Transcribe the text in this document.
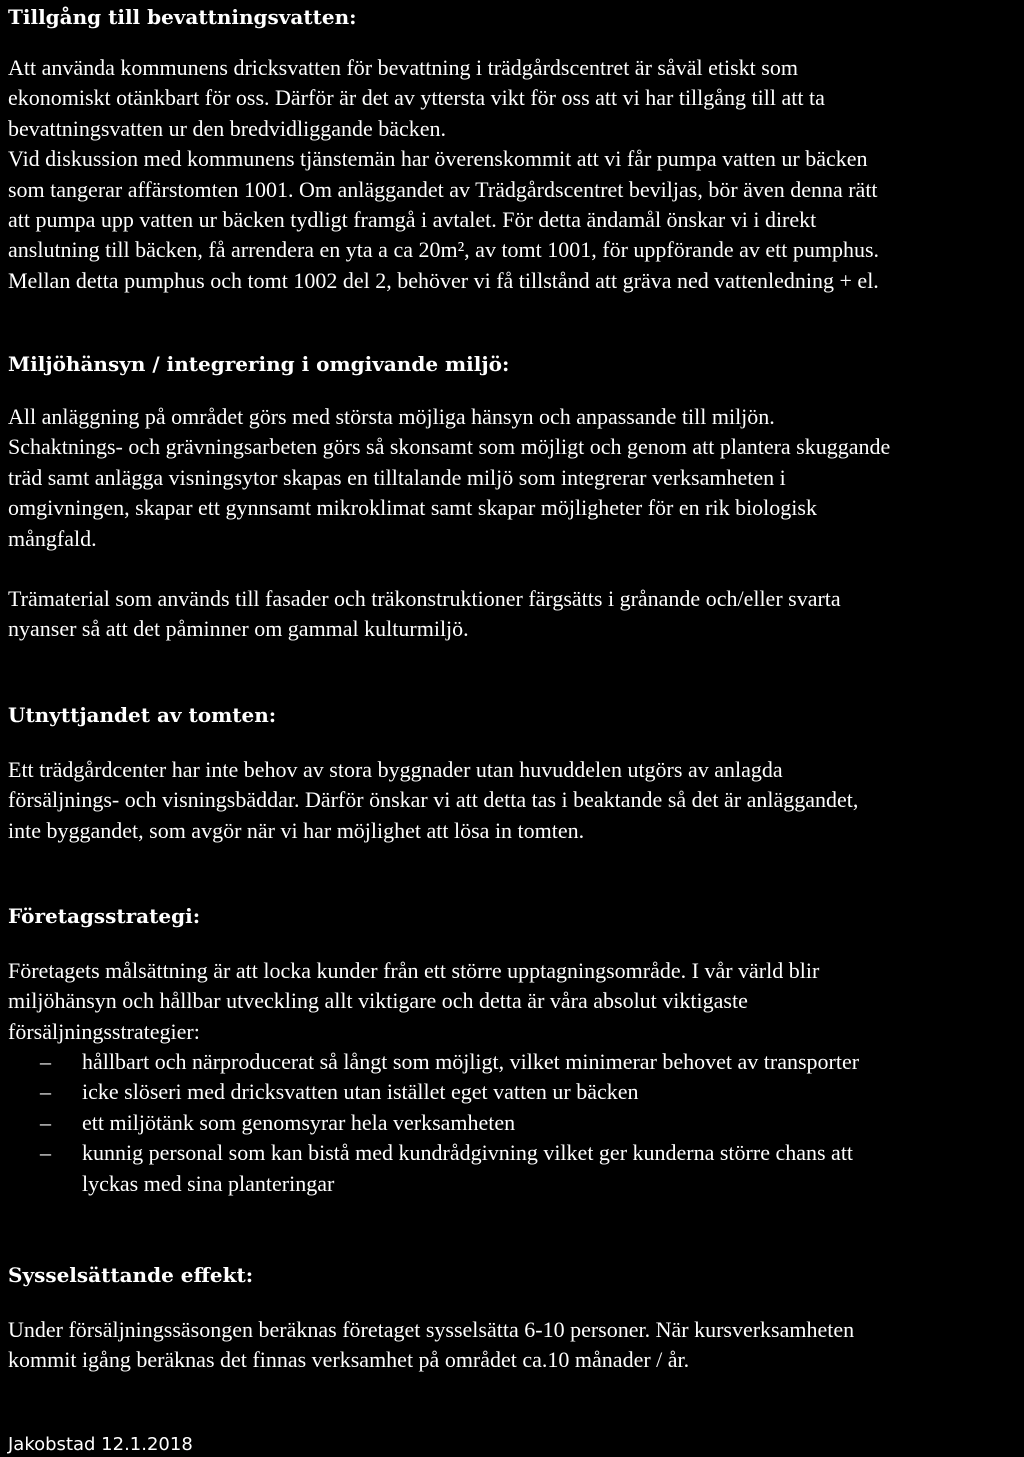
Tillgång till bevattningsvatten:

Att använda kommunens dricksvatten för bevattning i trädgårdscentret är såväl etiskt som
ekonomiskt otänkbart för oss. Därför är det av yttersta vikt för oss att vi har tillgång till att ta
bevattningsvatten ur den bredvidliggande bäcken.
Vid diskussion med kommunens tjänstemän har överenskommit att vi får pumpa vatten ur bäcken
som tangerar affärstomten 1001. Om anläggandet av Trädgårdscentret beviljas, bör även denna rätt
att pumpa upp vatten ur bäcken tydligt framgå i avtalet. För detta ändamål önskar vi i direkt
anslutning till bäcken, få arrendera en yta a ca 20m², av tomt 1001, för uppförande av ett pumphus.
Mellan detta pumphus och tomt 1002 del 2, behöver vi få tillstånd att gräva ned vattenledning + el.

Miljöhänsyn / integrering i omgivande miljö:

All anläggning på området görs med största möjliga hänsyn och anpassande till miljön.
Schaktnings- och grävningsarbeten görs så skonsamt som möjligt och genom att plantera skuggande
träd samt anlägga visningsytor skapas en tilltalande miljö som integrerar verksamheten i
omgivningen, skapar ett gynnsamt mikroklimat samt skapar möjligheter för en rik biologisk
mångfald.

Trämaterial som används till fasader och träkonstruktioner färgsätts i grånande och/eller svarta
nyanser så att det påminner om gammal kulturmiljö.

Utnyttjandet av tomten:

Ett trädgårdcenter har inte behov av stora byggnader utan huvuddelen utgörs av anlagda
försäljnings- och visningsbäddar. Därför önskar vi att detta tas i beaktande så det är anläggandet,
inte byggandet, som avgör när vi har möjlighet att lösa in tomten.

Företagsstrategi:

Företagets målsättning är att locka kunder från ett större upptagningsområde. I vår värld blir
miljöhänsyn och hållbar utveckling allt viktigare och detta är våra absolut viktigaste
försäljningsstrategier:

– hållbart och närproducerat så långt som möjligt, vilket minimerar behovet av transporter
– icke slöseri med dricksvatten utan istället eget vatten ur bäcken
– ett miljötänk som genomsyrar hela verksamheten
– kunnig personal som kan bistå med kundrådgivning vilket ger kunderna större chans att
lyckas med sina planteringar
Sysselsättande effekt:

Under försäljningssäsongen beräknas företaget sysselsätta 6-10 personer. När kursverksamheten
kommit igång beräknas det finnas verksamhet på området ca.10 månader / år.

Jakobstad 12.1.2018
